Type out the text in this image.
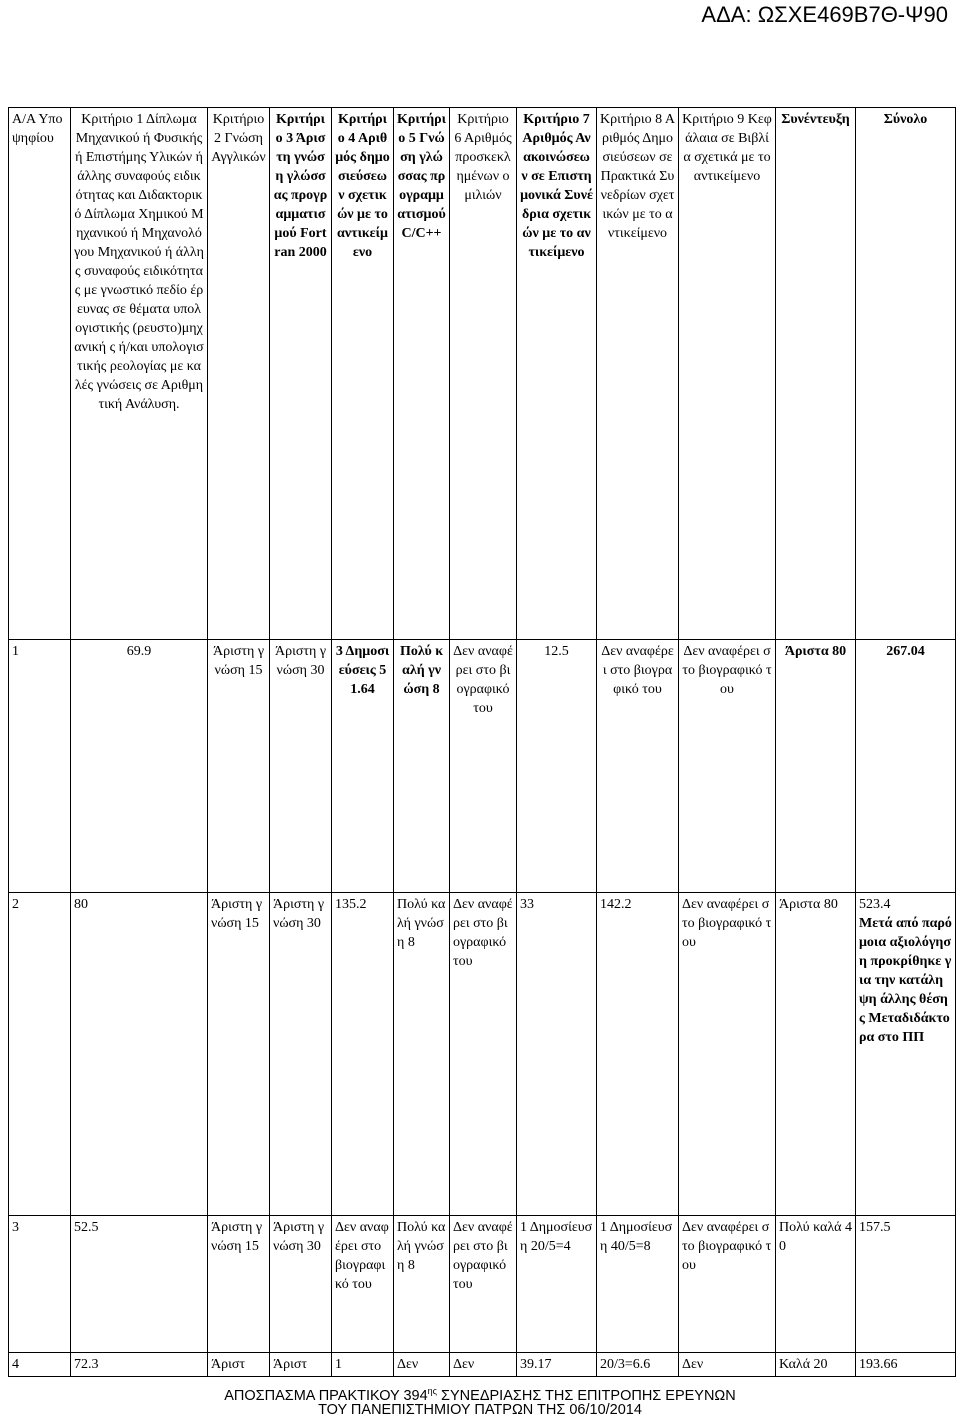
ΑΔΑ: ΩΣΧΕ469Β7Θ-Ψ90
Α/Α Υποψηφίου	Κριτήριο 1 Δίπλωμα Μηχανικού ή Φυσικής ή Επιστήμης Υλικών ή άλλης συναφούς ειδικότητας και Διδακτορικό Δίπλωμα Χημικού Μηχανικού ή Μηχανολόγου Μηχανικού ή άλλης συναφούς ειδικότητας με γνωστικό πεδίο έρευνας σε θέματα υπολογιστικής (ρευστο)μηχανική ς ή/και υπολογιστικής ρεολογίας με καλές γνώσεις σε Αριθμητική Ανάλυση.	Κριτήριο 2 Γνώση Αγγλικών	Κριτήριο 3 Άριστη γνώση γλώσσας προγραμματισμού Fortran 2000	Κριτήριο 4 Αριθμός δημοσιεύσεων σχετικών με το αντικείμενο	Κριτήριο 5 Γνώση γλώσσας προγραμματισμού C/C++	Κριτήριο 6 Αριθμός προσκεκλημένων ομιλιών	Κριτήριο 7 Αριθμός Ανακοινώσεων σε Επιστημονικά Συνέδρια σχετικών με το αντικείμενο	Κριτήριο 8 Αριθμός Δημοσιεύσεων σε Πρακτικά Συνεδρίων σχετικών με το αντικείμενο	Κριτήριο 9 Κεφάλαια σε Βιβλία σχετικά με το αντικείμενο	Συνέντευξη	Σύνολο
1	69.9	Άριστη γνώση 15	Άριστη γνώση 30	3 Δημοσιεύσεις 51.64	Πολύ καλή γνώση 8	Δεν αναφέρει στο βιογραφικό του	12.5	Δεν αναφέρει στο βιογραφικό του	Δεν αναφέρει στο βιογραφικό του	Άριστα 80	267.04
2	80	Άριστη γνώση 15	Άριστη γνώση 30	135.2	Πολύ καλή γνώση 8	Δεν αναφέρει στο βιογραφικό του	33	142.2	Δεν αναφέρει στο βιογραφικό του	Άριστα 80	523.4
Μετά από παρόμοια αξιολόγηση προκρίθηκε για την κατάληψη άλλης θέσης Μεταδιδάκτορα στο ΠΠ

3	52.5	Άριστη γνώση 15	Άριστη γνώση 30	Δεν αναφέρει στο βιογραφικό του	Πολύ καλή γνώση 8	Δεν αναφέρει στο βιογραφικό του	1 Δημοσίευση 20/5=4	1 Δημοσίευση 40/5=8	Δεν αναφέρει στο βιογραφικό του	Πολύ καλά 40	157.5
4	72.3	Άριστ	Άριστ	1	Δεν	Δεν	39.17	20/3=6.6	Δεν	Καλά 20	193.66
ΑΠΟΣΠΑΣΜΑ ΠΡΑΚΤΙΚΟΥ $394^{\eta\varsigma}$ ΣΥΝΕΔΡΙΑΣΗΣ ΤΗΣ ΕΠΙΤΡΟΠΗΣ ΕΡΕΥΝΩΝ
ΤΟΥ ΠΑΝΕΠΙΣΤΗΜΙΟΥ ΠΑΤΡΩΝ ΤΗΣ 06/10/2014
